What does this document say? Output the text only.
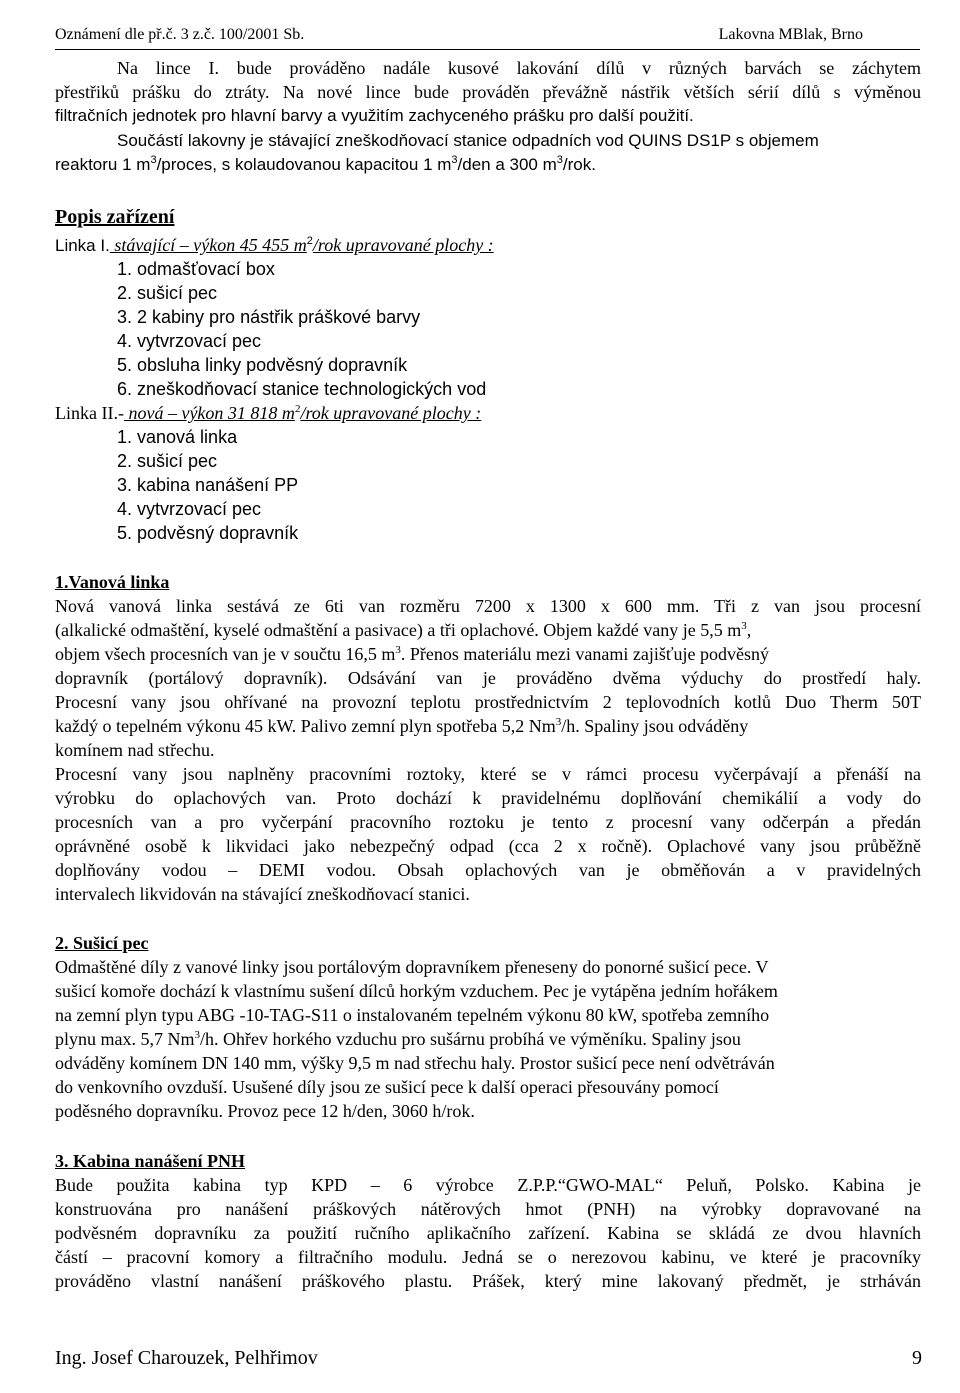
Oznámení dle př.č. 3 z.č. 100/2001 Sb.	Lakovna MBlak, Brno
Na lince I. bude prováděno nadále kusové lakování dílů v různých barvách se záchytem
přestřiků prášku do ztráty. Na nové lince bude prováděn převážně nástřik větších sérií dílů s výměnou
filtračních jednotek pro hlavní barvy a využitím zachyceného prášku pro další použití.
Součástí lakovny je stávající zneškodňovací stanice odpadních vod QUINS DS1P s objemem
reaktoru 1 $m^3$/proces, s kolaudovanou kapacitou 1 $m^3$/den a 300 $m^3$/rok.
Popis zařízení
Linka I. stávající – výkon 45 455 $m^2$/rok upravované plochy :
1. odmašťovací box
2. sušicí pec
3. 2 kabiny pro nástřik práškové barvy
4. vytvrzovací pec
5. obsluha linky podvěsný dopravník
6. zneškodňovací stanice technologických vod
Linka II.- nová – výkon 31 818 $m^2$/rok upravované plochy :
1. vanová linka
2. sušicí pec
3. kabina nanášení PP
4. vytvrzovací pec
5. podvěsný dopravník
1.Vanová linka
Nová vanová linka sestává ze 6ti van rozměru 7200 x 1300 x 600 mm. Tři z van jsou procesní
(alkalické odmaštění, kyselé odmaštění a pasivace) a tři oplachové. Objem každé vany je 5,5 $m^3$,
objem všech procesních van je v součtu 16,5 $m^3$. Přenos materiálu mezi vanami zajišťuje podvěsný
dopravník (portálový dopravník). Odsávání van je prováděno dvěma výduchy do prostředí haly.
Procesní vany jsou ohřívané na provozní teplotu prostřednictvím 2 teplovodních kotlů Duo Therm 50T
každý o tepelném výkonu 45 kW. Palivo zemní plyn spotřeba 5,2 Nm$^3$/h. Spaliny jsou odváděny
komínem nad střechu.
Procesní vany jsou naplněny pracovními roztoky, které se v rámci procesu vyčerpávají a přenáší na
výrobku do oplachových van. Proto dochází k pravidelnému doplňování chemikálií a vody do
procesních van a pro vyčerpání pracovního roztoku je tento z procesní vany odčerpán a předán
oprávněné osobě k likvidaci jako nebezpečný odpad (cca 2 x ročně). Oplachové vany jsou průběžně
doplňovány vodou – DEMI vodou. Obsah oplachových van je obměňován a v pravidelných
intervalech likvidován na stávající zneškodňovací stanici.
2. Sušicí pec
Odmaštěné díly z vanové linky jsou portálovým dopravníkem přeneseny do ponorné sušicí pece. V
sušicí komoře dochází k vlastnímu sušení dílců horkým vzduchem. Pec je vytápěna jedním hořákem
na zemní plyn typu ABG -10-TAG-S11 o instalovaném tepelném výkonu 80 kW, spotřeba zemního
plynu max. 5,7 Nm$^3$/h. Ohřev horkého vzduchu pro sušárnu probíhá ve výměníku. Spaliny jsou
odváděny komínem DN 140 mm, výšky 9,5 m nad střechu haly. Prostor sušicí pece není odvětráván
do venkovního ovzduší. Usušené díly jsou ze sušicí pece k další operaci přesouvány pomocí
poděsného dopravníku. Provoz pece 12 h/den, 3060 h/rok.
3. Kabina nanášení PNH
Bude použita kabina typ KPD – 6 výrobce Z.P.P.“GWO-MAL“ Peluň, Polsko. Kabina je
konstruována pro nanášení práškových nátěrových hmot (PNH) na výrobky dopravované na
podvěsném dopravníku za použití ručního aplikačního zařízení. Kabina se skládá ze dvou hlavních
částí – pracovní komory a filtračního modulu. Jedná se o nerezovou kabinu, ve které je pracovníky
prováděno vlastní nanášení práškového plastu. Prášek, který mine lakovaný předmět, je strháván
Ing. Josef Charouzek, Pelhřimov	9
